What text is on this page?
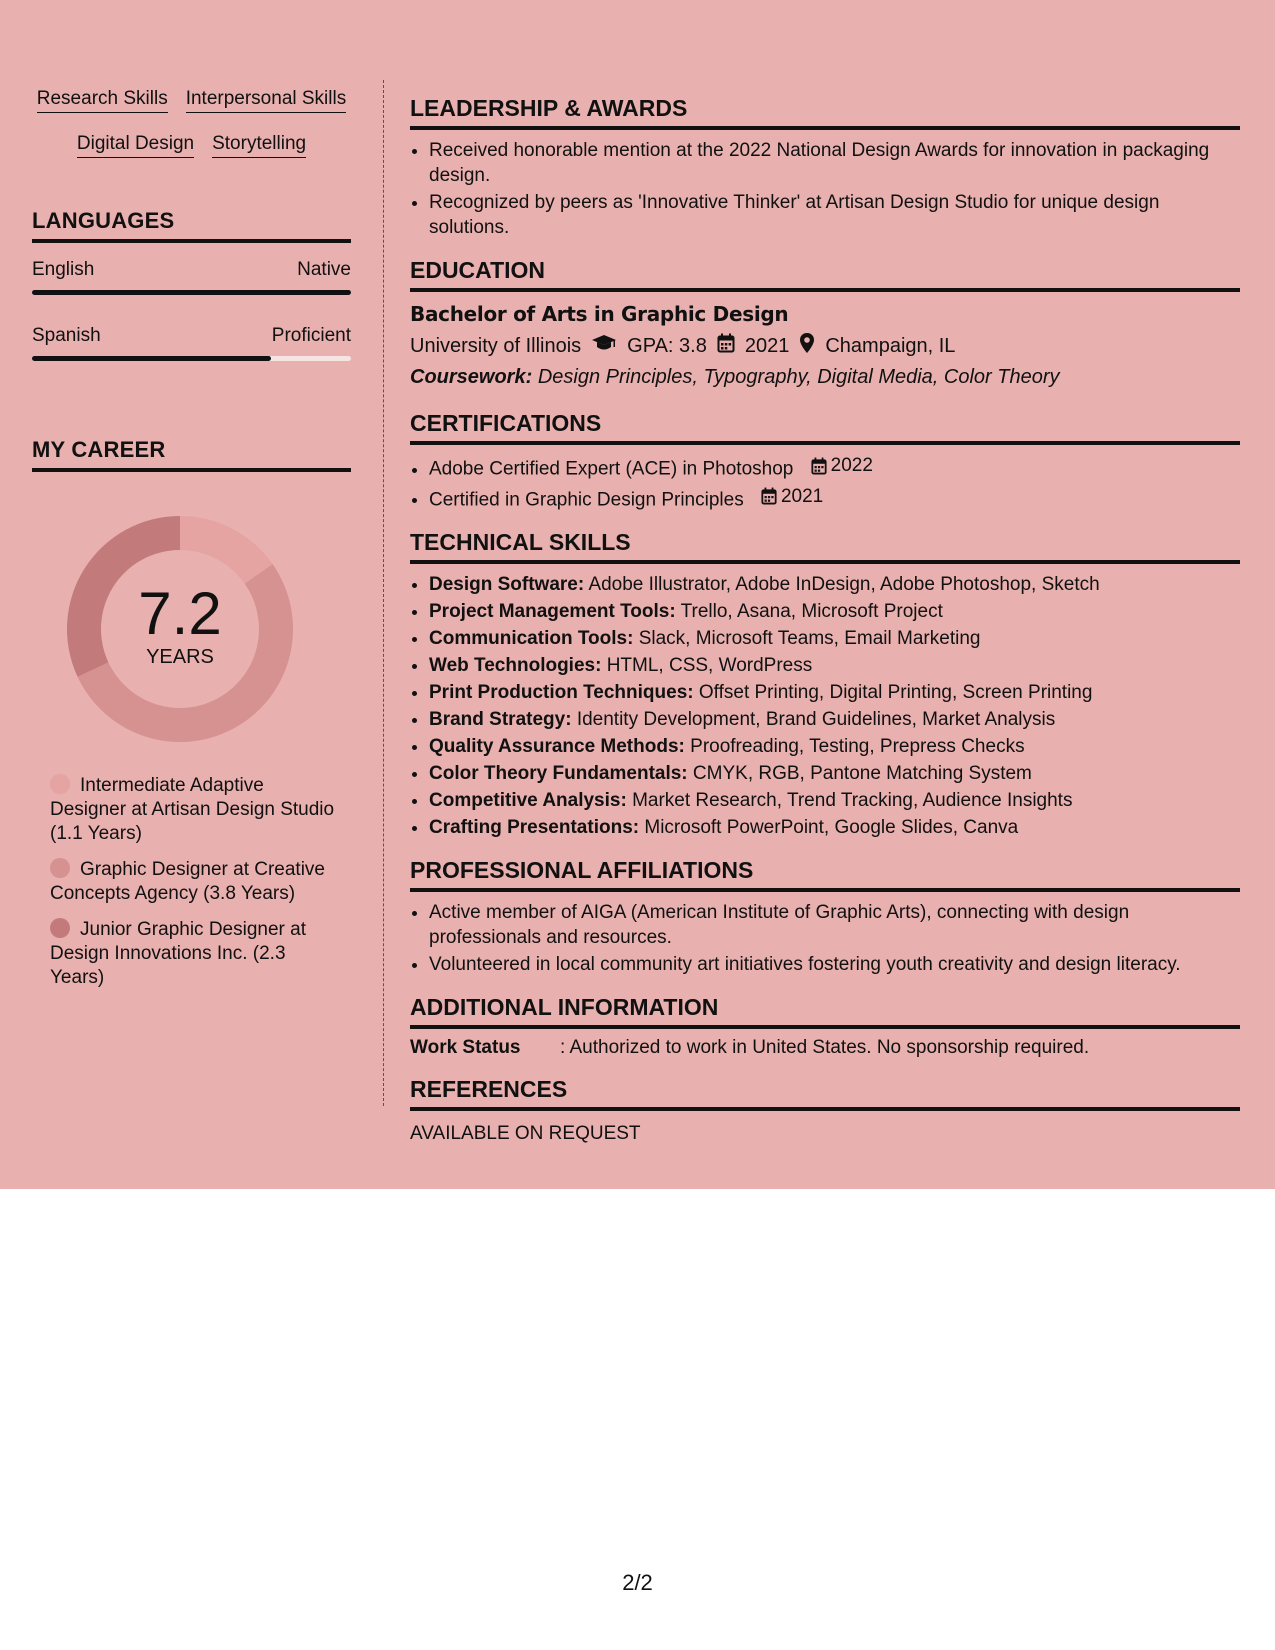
Research Skills Interpersonal Skills
Digital Design Storytelling
LANGUAGES
English	Native
Spanish	Proficient
MY CAREER
7.2
YEARS
Intermediate Adaptive Designer at Artisan Design Studio (1.1 Years)
Graphic Designer at Creative Concepts Agency (3.8 Years)
Junior Graphic Designer at Design Innovations Inc. (2.3 Years)
LEADERSHIP & AWARDS
• Received honorable mention at the 2022 National Design Awards for innovation in packaging design.
• Recognized by peers as 'Innovative Thinker' at Artisan Design Studio for unique design solutions.
EDUCATION
Bachelor of Arts in Graphic Design
University of Illinois GPA: 3.8 2021 Champaign, IL
Coursework: Design Principles, Typography, Digital Media, Color Theory
CERTIFICATIONS
• Adobe Certified Expert (ACE) in Photoshop 2022
• Certified in Graphic Design Principles 2021
TECHNICAL SKILLS
• Design Software: Adobe Illustrator, Adobe InDesign, Adobe Photoshop, Sketch
• Project Management Tools: Trello, Asana, Microsoft Project
• Communication Tools: Slack, Microsoft Teams, Email Marketing
• Web Technologies: HTML, CSS, WordPress
• Print Production Techniques: Offset Printing, Digital Printing, Screen Printing
• Brand Strategy: Identity Development, Brand Guidelines, Market Analysis
• Quality Assurance Methods: Proofreading, Testing, Prepress Checks
• Color Theory Fundamentals: CMYK, RGB, Pantone Matching System
• Competitive Analysis: Market Research, Trend Tracking, Audience Insights
• Crafting Presentations: Microsoft PowerPoint, Google Slides, Canva
PROFESSIONAL AFFILIATIONS
• Active member of AIGA (American Institute of Graphic Arts), connecting with design professionals and resources.
• Volunteered in local community art initiatives fostering youth creativity and design literacy.
ADDITIONAL INFORMATION
Work Status	: Authorized to work in United States. No sponsorship required.
REFERENCES
AVAILABLE ON REQUEST
2/2
